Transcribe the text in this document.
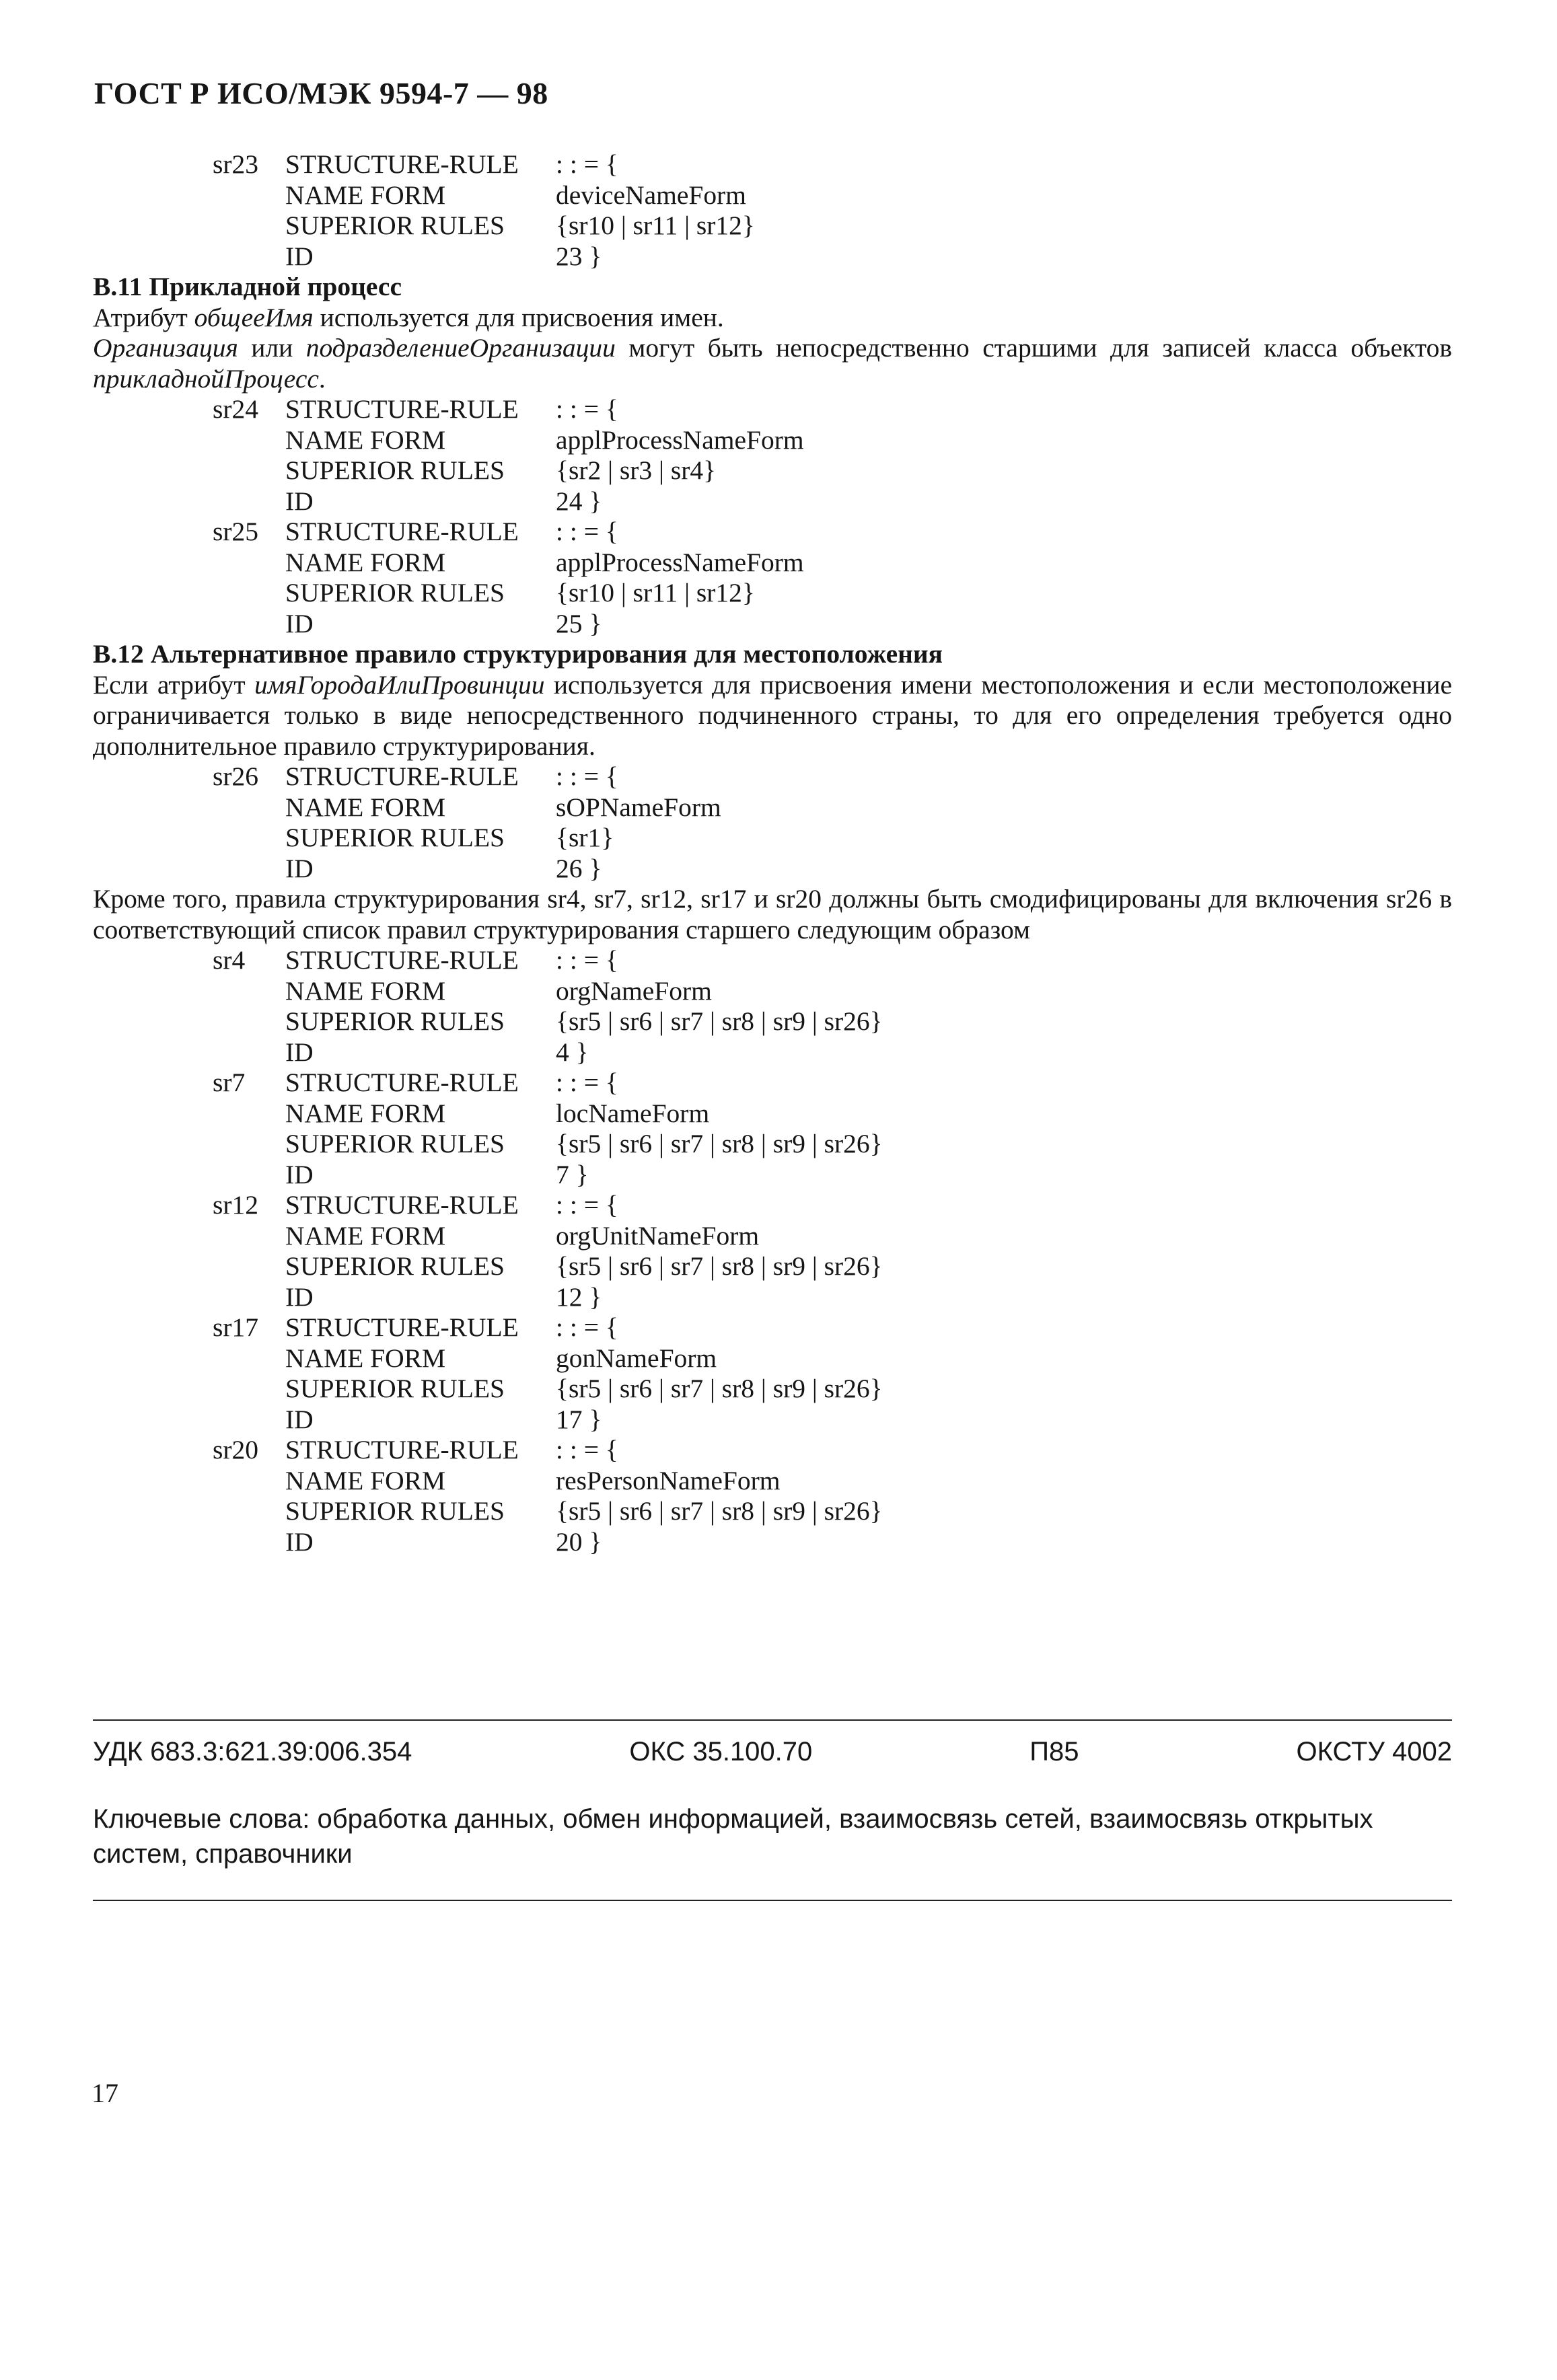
ГОСТ Р ИСО/МЭК 9594-7 — 98
sr23	STRUCTURE-RULE	: : = {
NAME FORM	deviceNameForm
SUPERIOR RULES	{sr10 | sr11 | sr12}
ID	23 }
B.11 Прикладной процесс
Атрибут общееИмя используется для присвоения имен.
Организация или подразделениеОрганизации могут быть непосредственно старшими для записей класса объектов прикладнойПроцесс.
sr24	STRUCTURE-RULE	: : = {
NAME FORM	applProcessNameForm
SUPERIOR RULES	{sr2 | sr3 | sr4}
ID	24 }
sr25	STRUCTURE-RULE	: : = {
NAME FORM	applProcessNameForm
SUPERIOR RULES	{sr10 | sr11 | sr12}
ID	25 }
B.12 Альтернативное правило структурирования для местоположения
Если атрибут имяГородаИлиПровинции используется для присвоения имени местоположения и если местоположение ограничивается только в виде непосредственного подчиненного страны, то для его определения требуется одно дополнительное правило структурирования.
sr26	STRUCTURE-RULE	: : = {
NAME FORM	sOPNameForm
SUPERIOR RULES	{sr1}
ID	26 }
Кроме того, правила структурирования sr4, sr7, sr12, sr17 и sr20 должны быть смодифицированы для включения sr26 в соответствующий список правил структурирования старшего следующим образом
sr4	STRUCTURE-RULE	: : = {
NAME FORM	orgNameForm
SUPERIOR RULES	{sr5 | sr6 | sr7 | sr8 | sr9 | sr26}
ID	4 }
sr7	STRUCTURE-RULE	: : = {
NAME FORM	locNameForm
SUPERIOR RULES	{sr5 | sr6 | sr7 | sr8 | sr9 | sr26}
ID	7 }
sr12	STRUCTURE-RULE	: : = {
NAME FORM	orgUnitNameForm
SUPERIOR RULES	{sr5 | sr6 | sr7 | sr8 | sr9 | sr26}
ID	12 }
sr17	STRUCTURE-RULE	: : = {
NAME FORM	gonNameForm
SUPERIOR RULES	{sr5 | sr6 | sr7 | sr8 | sr9 | sr26}
ID	17 }
sr20	STRUCTURE-RULE	: : = {
NAME FORM	resPersonNameForm
SUPERIOR RULES	{sr5 | sr6 | sr7 | sr8 | sr9 | sr26}
ID	20 }
УДК 683.3:621.39:006.354	ОКС 35.100.70	П85	ОКСТУ 4002
Ключевые слова: обработка данных, обмен информацией, взаимосвязь сетей, взаимосвязь открытых систем, справочники
17
